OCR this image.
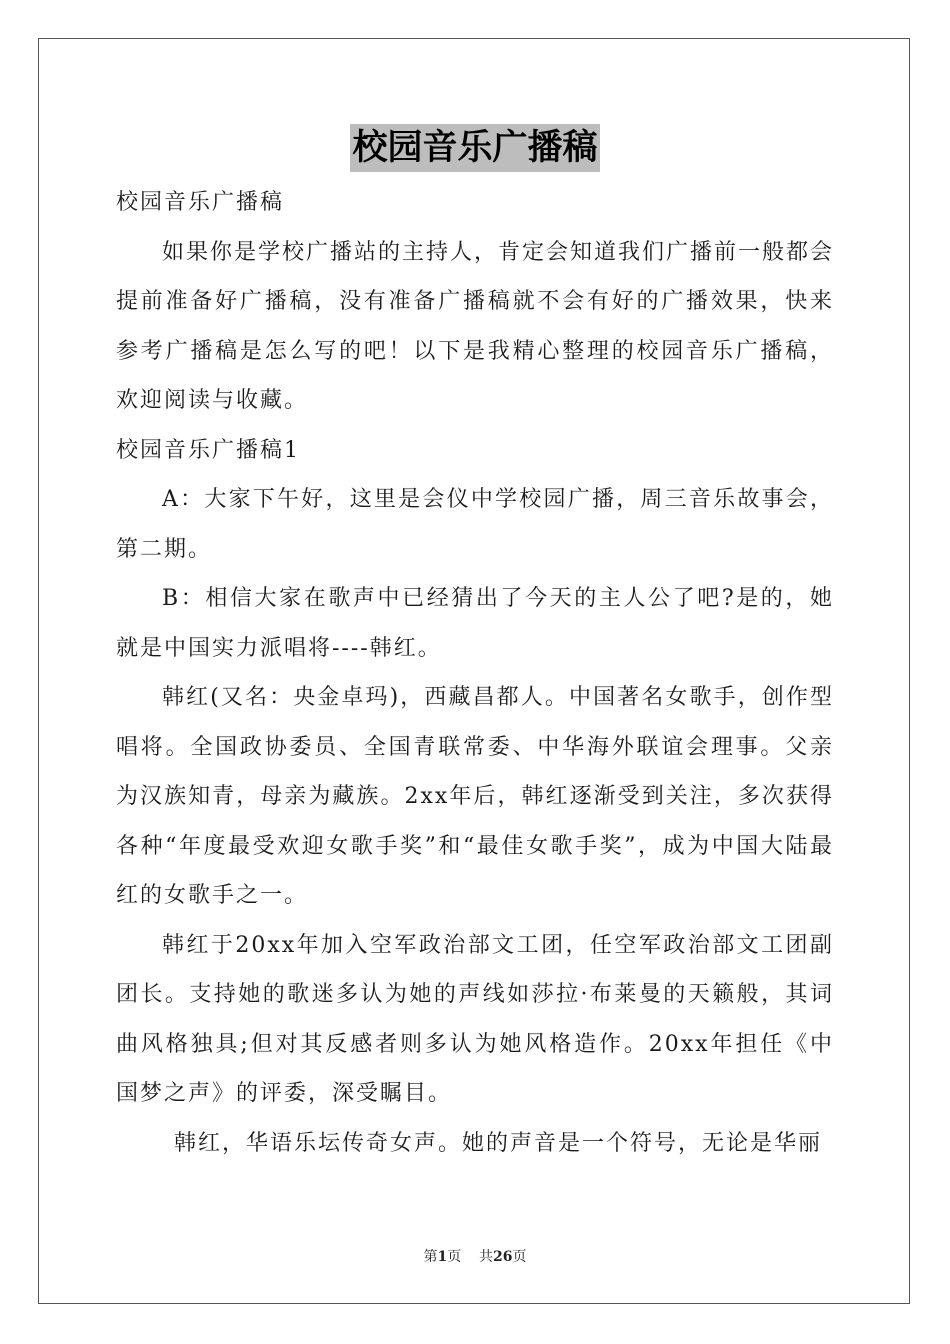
校园音乐广播稿

校园音乐广播稿

如果你是学校广播站的主持人，肯定会知道我们广播前一般都会提前准备好广播稿，没有准备广播稿就不会有好的广播效果，快来参考广播稿是怎么写的吧！以下是我精心整理的校园音乐广播稿，欢迎阅读与收藏。

校园音乐广播稿1

A：大家下午好，这里是会仪中学校园广播，周三音乐故事会，第二期。

B：相信大家在歌声中已经猜出了今天的主人公了吧?是的，她就是中国实力派唱将----韩红。

韩红(又名：央金卓玛)，西藏昌都人。中国著名女歌手，创作型唱将。全国政协委员、全国青联常委、中华海外联谊会理事。父亲为汉族知青，母亲为藏族。2xx年后，韩红逐渐受到关注，多次获得各种“年度最受欢迎女歌手奖”和“最佳女歌手奖”，成为中国大陆最红的女歌手之一。

韩红于20xx年加入空军政治部文工团，任空军政治部文工团副团长。支持她的歌迷多认为她的声线如莎拉·布莱曼的天籁般，其词曲风格独具;但对其反感者则多认为她风格造作。20xx年担任《中国梦之声》的评委，深受瞩目。

韩红，华语乐坛传奇女声。她的声音是一个符号，无论是华丽

第1页 共26页
